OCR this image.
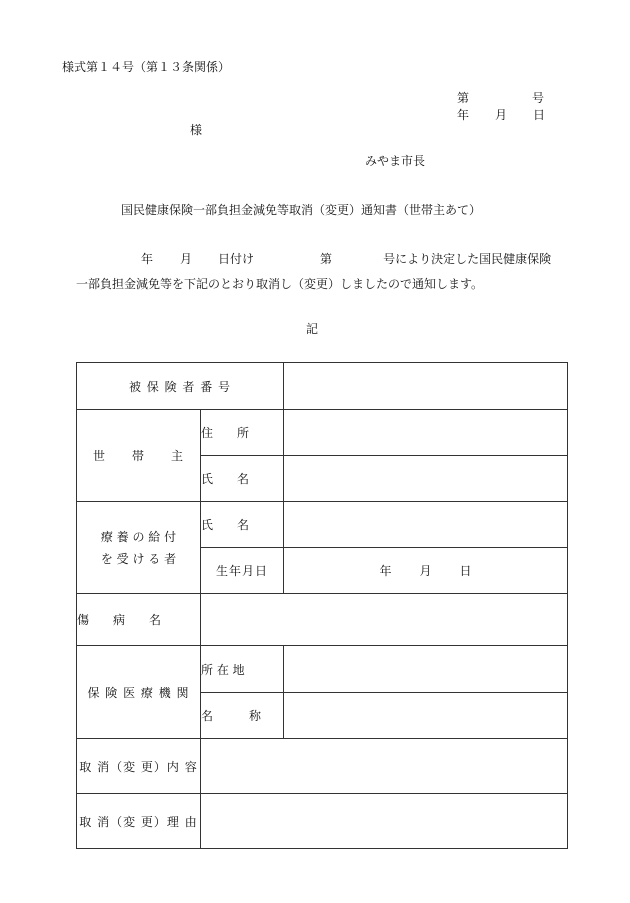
様式第１４号（第１３条関係）
第	号
年 月 日
様
みやま市長
国民健康保険一部負担金減免等取消（変更）通知書（世帯主あて）
年 月 日付け	第	号により決定した国民健康保険
一部負担金減免等を下記のとおり取消し（変更）しましたので通知します。
記
被 保 険 者 番 号		
世　　帯　　主	住　　所	
	氏　　名	

療 養 の 給 付
を 受 け る 者	氏　　名	
	生年月日	年 月 日
傷　　病　　名		
保 険 医 療 機 関	所 在 地	
	名　　　称	
取 消（変 更）内 容		
取 消（変 更）理 由		
